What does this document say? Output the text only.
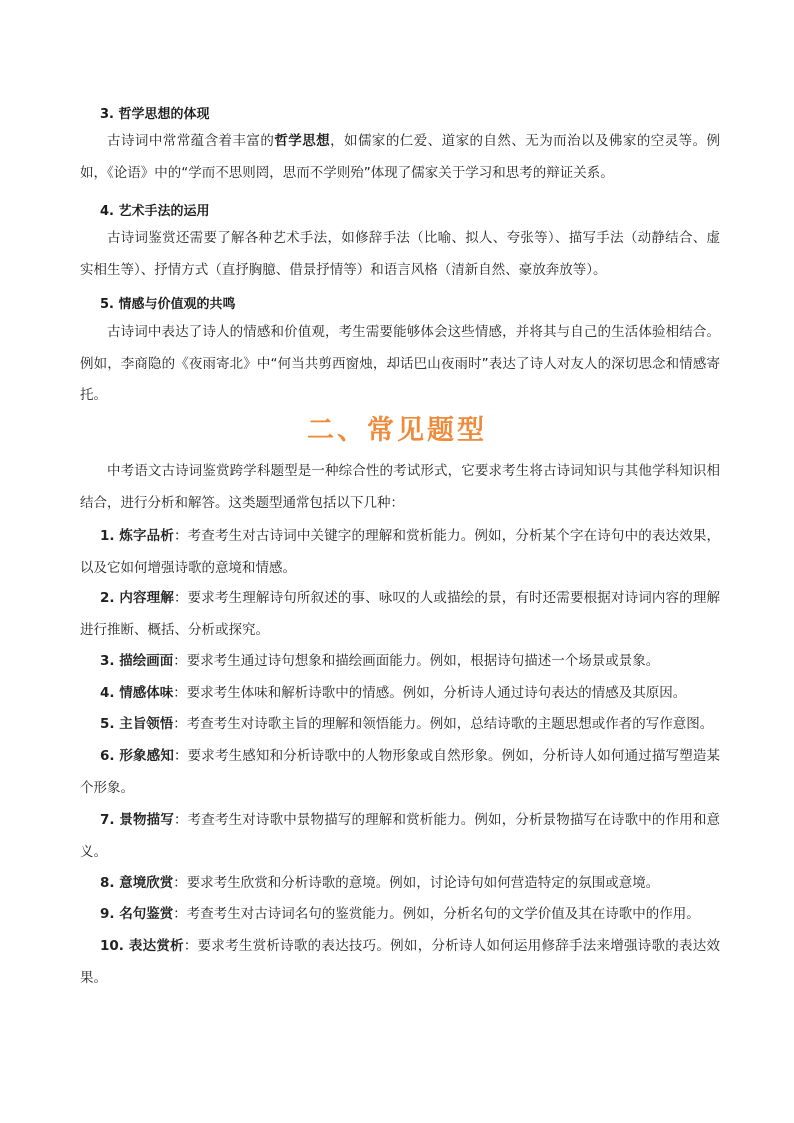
3. 哲学思想的体现
古诗词中常常蕴含着丰富的哲学思想，如儒家的仁爱、道家的自然、无为而治以及佛家的空灵等。例如，《论语》中的“学而不思则罔，思而不学则殆”体现了儒家关于学习和思考的辩证关系。
4. 艺术手法的运用
古诗词鉴赏还需要了解各种艺术手法，如修辞手法（比喻、拟人、夸张等）、描写手法（动静结合、虚实相生等）、抒情方式（直抒胸臆、借景抒情等）和语言风格（清新自然、豪放奔放等）。
5. 情感与价值观的共鸣
古诗词中表达了诗人的情感和价值观，考生需要能够体会这些情感，并将其与自己的生活体验相结合。例如，李商隐的《夜雨寄北》中“何当共剪西窗烛，却话巴山夜雨时”表达了诗人对友人的深切思念和情感寄托。
二、常见题型
中考语文古诗词鉴赏跨学科题型是一种综合性的考试形式，它要求考生将古诗词知识与其他学科知识相结合，进行分析和解答。这类题型通常包括以下几种：
1. 炼字品析：考查考生对古诗词中关键字的理解和赏析能力。例如，分析某个字在诗句中的表达效果，以及它如何增强诗歌的意境和情感。
2. 内容理解：要求考生理解诗句所叙述的事、咏叹的人或描绘的景，有时还需要根据对诗词内容的理解进行推断、概括、分析或探究。
3. 描绘画面：要求考生通过诗句想象和描绘画面能力。例如，根据诗句描述一个场景或景象。
4. 情感体味：要求考生体味和解析诗歌中的情感。例如，分析诗人通过诗句表达的情感及其原因。
5. 主旨领悟：考查考生对诗歌主旨的理解和领悟能力。例如，总结诗歌的主题思想或作者的写作意图。
6. 形象感知：要求考生感知和分析诗歌中的人物形象或自然形象。例如，分析诗人如何通过描写塑造某个形象。
7. 景物描写：考查考生对诗歌中景物描写的理解和赏析能力。例如，分析景物描写在诗歌中的作用和意义。
8. 意境欣赏：要求考生欣赏和分析诗歌的意境。例如，讨论诗句如何营造特定的氛围或意境。
9. 名句鉴赏：考查考生对古诗词名句的鉴赏能力。例如，分析名句的文学价值及其在诗歌中的作用。
10. 表达赏析：要求考生赏析诗歌的表达技巧。例如，分析诗人如何运用修辞手法来增强诗歌的表达效果。
